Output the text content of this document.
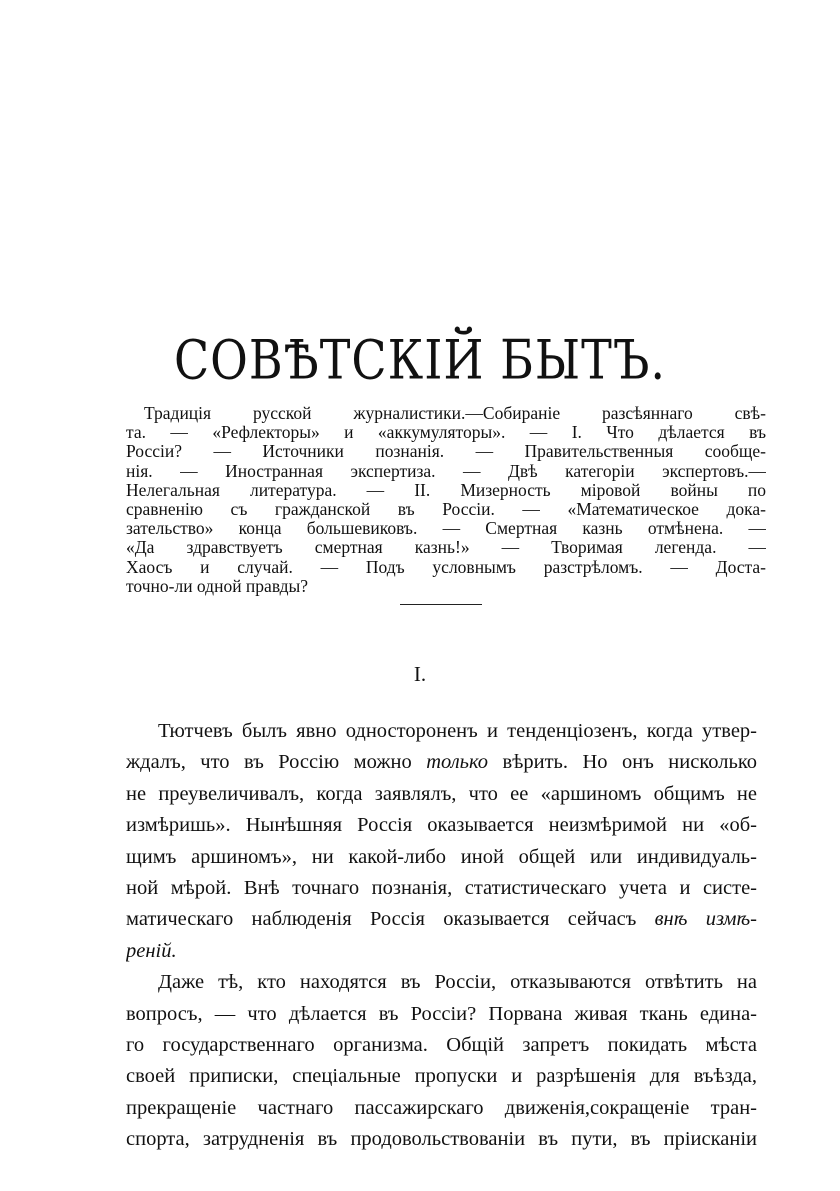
СОВѢТСКІЙ БЫТЪ.
Традиція русской журналистики.—Собираніе разсѣяннаго свѣ-
та. — «Рефлекторы» и «аккумуляторы». — I. Что дѣлается въ
Россіи? — Источники познанія. — Правительственныя сообще-
нія. — Иностранная экспертиза. — Двѣ категоріи экспертовъ.—
Нелегальная литература. — II. Мизерность міровой войны по
сравненію съ гражданской въ Россіи. — «Математическое дока-
зательство» конца большевиковъ. — Смертная казнь отмѣнена. —
«Да здравствуетъ смертная казнь!» — Творимая легенда. —
Хаосъ и случай. — Подъ условнымъ разстрѣломъ. — Доста-
точно-ли одной правды?
I.
Тютчевъ былъ явно одностороненъ и тенденціозенъ, когда утвер-
ждалъ, что въ Россію можно только вѣрить. Но онъ нисколько
не преувеличивалъ, когда заявлялъ, что ее «аршиномъ общимъ не
измѣришь». Нынѣшняя Россія оказывается неизмѣримой ни «об-
щимъ аршиномъ», ни какой-либо иной общей или индивидуаль-
ной мѣрой. Внѣ точнаго познанія, статистическаго учета и систе-
матическаго наблюденія Россія оказывается сейчасъ внѣ измѣ-
реній.
Даже тѣ, кто находятся въ Россіи, отказываются отвѣтить на
вопросъ, — что дѣлается въ Россіи? Порвана живая ткань едина-
го государственнаго организма. Общій запретъ покидать мѣста
своей приписки, спеціальные пропуски и разрѣшенія для въѣзда,
прекращеніе частнаго пассажирскаго движенія,сокращеніе тран-
спорта, затрудненія въ продовольствованіи въ пути, въ пріисканіи
